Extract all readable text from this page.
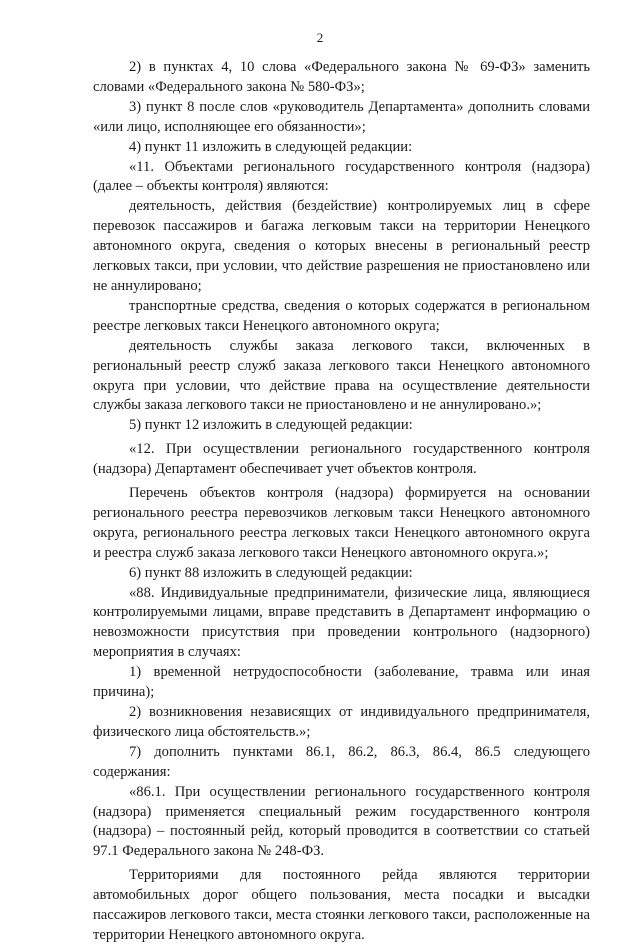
2

2) в пунктах 4, 10 слова «Федерального закона № 69-ФЗ» заменить словами «Федерального закона № 580-ФЗ»;

3) пункт 8 после слов «руководитель Департамента» дополнить словами «или лицо, исполняющее его обязанности»;

4) пункт 11 изложить в следующей редакции:

«11. Объектами регионального государственного контроля (надзора) (далее – объекты контроля) являются:

деятельность, действия (бездействие) контролируемых лиц в сфере перевозок пассажиров и багажа легковым такси на территории Ненецкого автономного округа, сведения о которых внесены в региональный реестр легковых такси, при условии, что действие разрешения не приостановлено или не аннулировано;

транспортные средства, сведения о которых содержатся в региональном реестре легковых такси Ненецкого автономного округа;

деятельность службы заказа легкового такси, включенных в региональный реестр служб заказа легкового такси Ненецкого автономного округа при условии, что действие права на осуществление деятельности службы заказа легкового такси не приостановлено и не аннулировано.»;

5) пункт 12 изложить в следующей редакции:

«12. При осуществлении регионального государственного контроля (надзора) Департамент обеспечивает учет объектов контроля.

Перечень объектов контроля (надзора) формируется на основании регионального реестра перевозчиков легковым такси Ненецкого автономного округа, регионального реестра легковых такси Ненецкого автономного округа и реестра служб заказа легкового такси Ненецкого автономного округа.»;

6) пункт 88 изложить в следующей редакции:

«88. Индивидуальные предприниматели, физические лица, являющиеся контролируемыми лицами, вправе представить в Департамент информацию о невозможности присутствия при проведении контрольного (надзорного) мероприятия в случаях:

1) временной нетрудоспособности (заболевание, травма или иная причина);

2) возникновения независящих от индивидуального предпринимателя, физического лица обстоятельств.»;

7) дополнить пунктами 86.1, 86.2, 86.3, 86.4, 86.5 следующего содержания:

«86.1. При осуществлении регионального государственного контроля (надзора) применяется специальный режим государственного контроля (надзора) – постоянный рейд, который проводится в соответствии со статьей 97.1 Федерального закона № 248-ФЗ.

Территориями для постоянного рейда являются территории автомобильных дорог общего пользования, места посадки и высадки пассажиров легкового такси, места стоянки легкового такси, расположенные на территории Ненецкого автономного округа.
